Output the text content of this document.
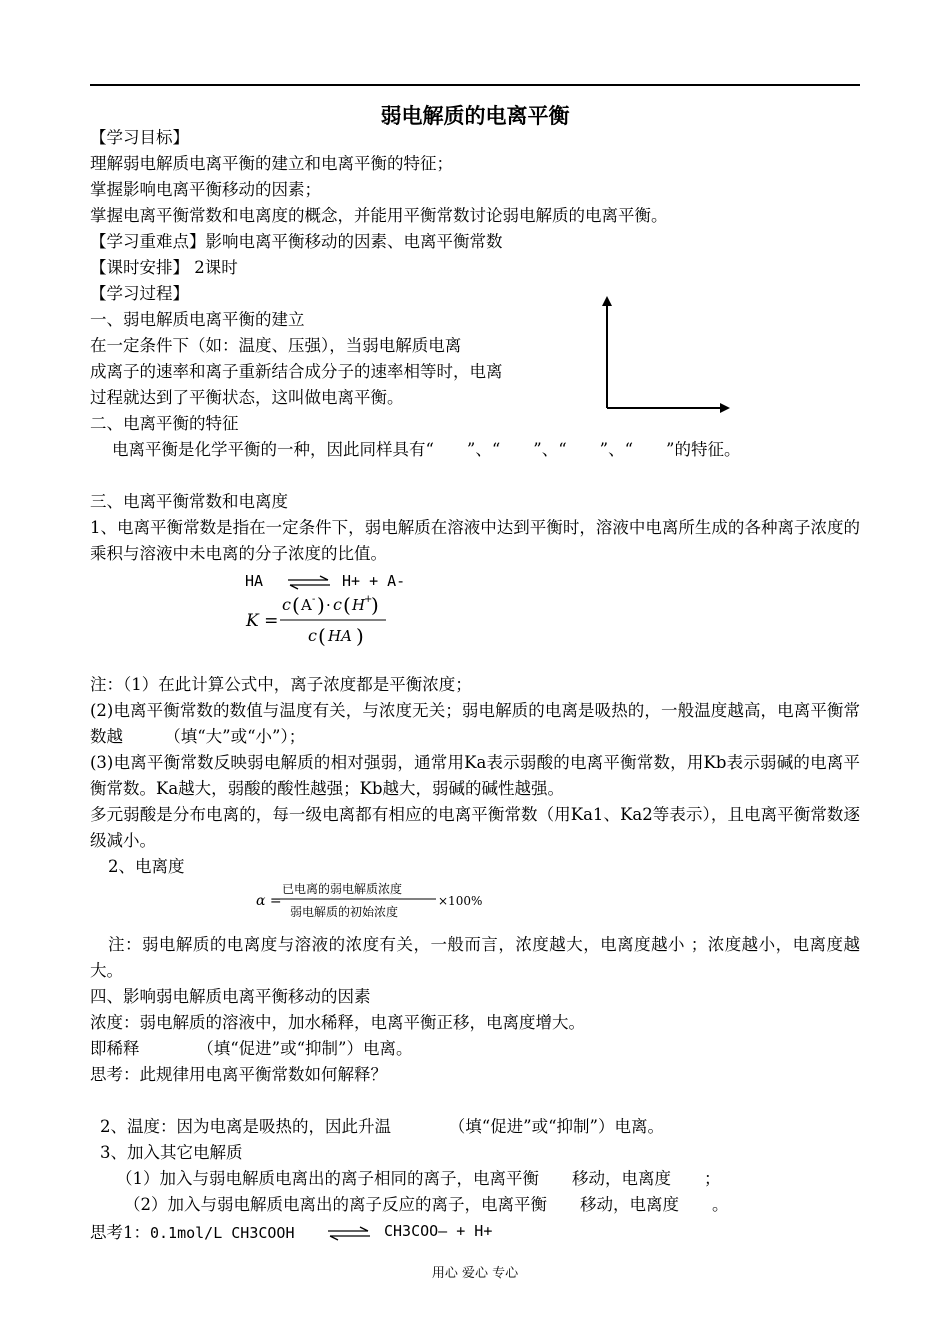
弱电解质的电离平衡
【学习目标】
理解弱电解质电离平衡的建立和电离平衡的特征；
掌握影响电离平衡移动的因素；
掌握电离平衡常数和电离度的概念，并能用平衡常数讨论弱电解质的电离平衡。
【学习重难点】影响电离平衡移动的因素、电离平衡常数
【课时安排】 2课时
【学习过程】
一、弱电解质电离平衡的建立
在一定条件下（如：温度、压强），当弱电解质电离
成离子的速率和离子重新结合成分子的速率相等时，电离
过程就达到了平衡状态，这叫做电离平衡。
二、电离平衡的特征
电离平衡是化学平衡的一种，因此同样具有“　　”、“　　”、“　　”、“　　”的特征。
三、电离平衡常数和电离度
1、电离平衡常数是指在一定条件下，弱电解质在溶液中达到平衡时，溶液中电离所生成的各种离子浓度的乘积与溶液中未电离的分子浓度的比值。
HA ⇌ H+ + A-
K =
c ( A - ) · c ( H
+
)
c ( HA )
注：（1）在此计算公式中，离子浓度都是平衡浓度；
(2)电离平衡常数的数值与温度有关，与浓度无关；弱电解质的电离是吸热的，一般温度越高，电离平衡常数越　　　（填“大”或“小”）；
(3)电离平衡常数反映弱电解质的相对强弱，通常用Ka表示弱酸的电离平衡常数，用Kb表示弱碱的电离平衡常数。Ka越大，弱酸的酸性越强；Kb越大，弱碱的碱性越强。
多元弱酸是分布电离的，每一级电离都有相应的电离平衡常数（用Ka1、Ka2等表示），且电离平衡常数逐级减小。
2、电离度
α =
已电离的弱电解质浓度
弱电解质的初始浓度
×100%
注：弱电解质的电离度与溶液的浓度有关，一般而言，浓度越大，电离度越小 ；浓度越小，电离度越大。
四、影响弱电解质电离平衡移动的因素
浓度：弱电解质的溶液中，加水稀释，电离平衡正移，电离度增大。
即稀释　　　　（填“促进”或“抑制”）电离。
思考：此规律用电离平衡常数如何解释？
2、温度：因为电离是吸热的，因此升温　　　　（填“促进”或“抑制”）电离。
3、加入其它电解质
（1）加入与弱电解质电离出的离子相同的离子，电离平衡　　移动，电离度　　；
（2）加入与弱电解质电离出的离子反应的离子，电离平衡　　移动，电离度　　。
思考1：0.1mol/L CH3COOH ⇌ CH3COO— + H+
用心 爱心 专心
